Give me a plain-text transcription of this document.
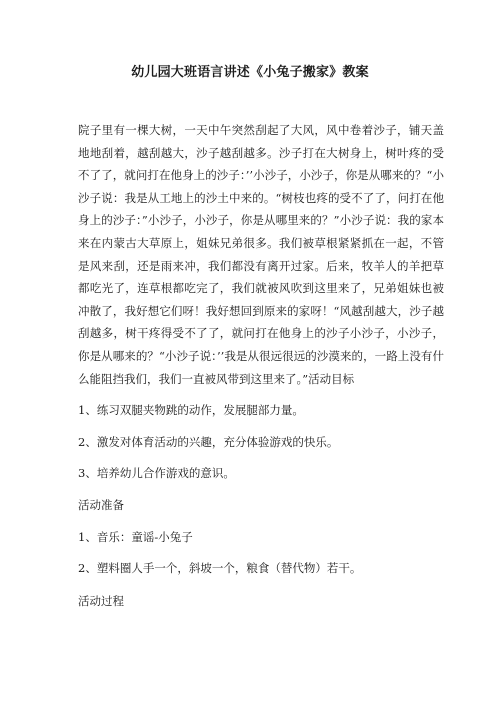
幼儿园大班语言讲述《小兔子搬家》教案

院子里有一棵大树，一天中午突然刮起了大风，风中卷着沙子，铺天盖地地刮着，越刮越大，沙子越刮越多。沙子打在大树身上，树叶疼的受不了了，就问打在他身上的沙子：’’小沙子，小沙子，你是从哪来的？“小沙子说：我是从工地上的沙土中来的。“树枝也疼的受不了了，问打在他身上的沙子：”小沙子，小沙子，你是从哪里来的？”小沙子说：我的家本来在内蒙古大草原上，姐妹兄弟很多。我们被草根紧紧抓在一起，不管是风来刮，还是雨来冲，我们都没有离开过家。后来，牧羊人的羊把草都吃光了，连草根都吃完了，我们就被风吹到这里来了，兄弟姐妹也被冲散了，我好想它们呀！我好想回到原来的家呀！“风越刮越大，沙子越刮越多，树干疼得受不了了，就问打在他身上的沙子小沙子，小沙子，你是从哪来的？“小沙子说：’’我是从很远很远的沙漠来的，一路上没有什么能阻挡我们，我们一直被风带到这里来了。”活动目标

1、练习双腿夹物跳的动作，发展腿部力量。

2、激发对体育活动的兴趣，充分体验游戏的快乐。

3、培养幼儿合作游戏的意识。

活动准备

1、音乐：童谣-小兔子

2、塑料圈人手一个，斜坡一个，粮食（替代物）若干。

活动过程
